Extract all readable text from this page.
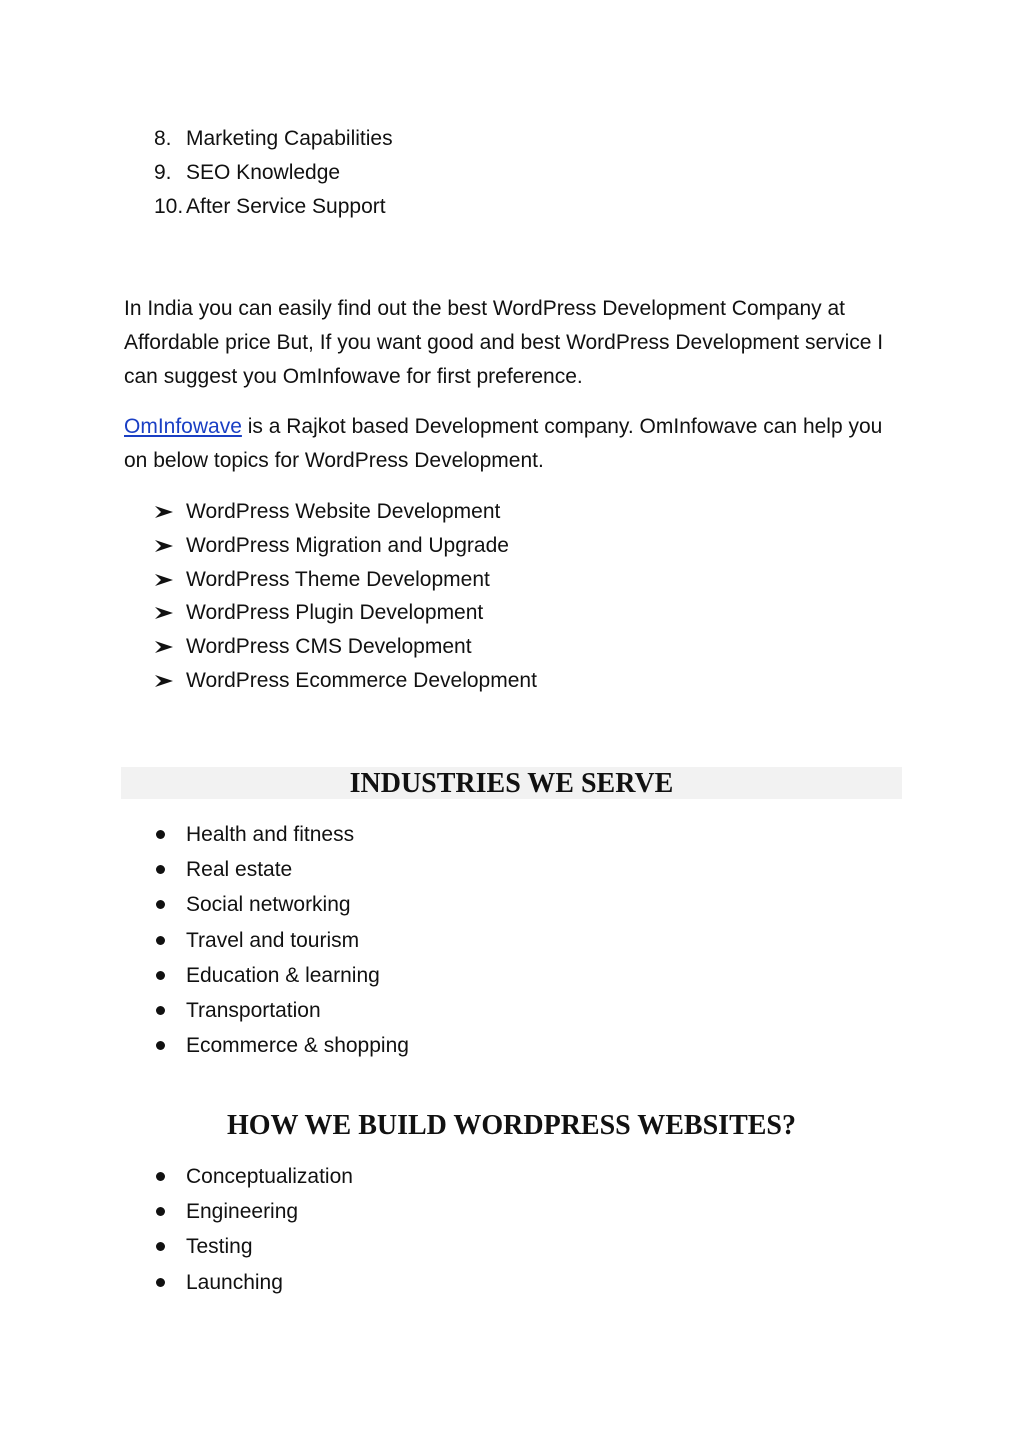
8. Marketing Capabilities
9. SEO Knowledge
10. After Service Support

In India you can easily find out the best WordPress Development Company at Affordable price But, If you want good and best WordPress Development service I can suggest you OmInfowave for first preference.

OmInfowave is a Rajkot based Development company. OmInfowave can help you on below topics for WordPress Development.

WordPress Website Development
WordPress Migration and Upgrade
WordPress Theme Development
WordPress Plugin Development
WordPress CMS Development
WordPress Ecommerce Development
INDUSTRIES WE SERVE
Health and fitness
Real estate
Social networking
Travel and tourism
Education & learning
Transportation
Ecommerce & shopping
HOW WE BUILD WORDPRESS WEBSITES?
Conceptualization
Engineering
Testing
Launching
